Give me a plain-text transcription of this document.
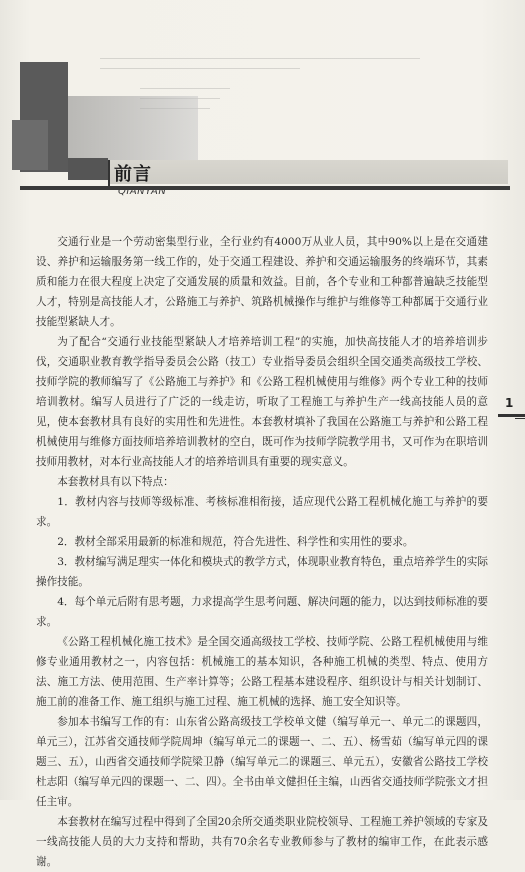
前言
QIANYAN

交通行业是一个劳动密集型行业，全行业约有4000万从业人员，其中90%以上是在交通建设、养护和运输服务第一线工作的，处于交通工程建设、养护和交通运输服务的终端环节，其素质和能力在很大程度上决定了交通发展的质量和效益。目前，各个专业和工种都普遍缺乏技能型人才，特别是高技能人才，公路施工与养护、筑路机械操作与维护与维修等工种都属于交通行业技能型紧缺人才。

为了配合“交通行业技能型紧缺人才培养培训工程”的实施，加快高技能人才的培养培训步伐，交通职业教育教学指导委员会公路（技工）专业指导委员会组织全国交通类高级技工学校、技师学院的教师编写了《公路施工与养护》和《公路工程机械使用与维修》两个专业工种的技师培训教材。编写人员进行了广泛的一线走访，听取了工程施工与养护生产一线高技能人员的意见，使本套教材具有良好的实用性和先进性。本套教材填补了我国在公路施工与养护和公路工程机械使用与维修方面技师培养培训教材的空白，既可作为技师学院教学用书，又可作为在职培训技师用教材，对本行业高技能人才的培养培训具有重要的现实意义。

本套教材具有以下特点：

1．教材内容与技师等级标准、考核标准相衔接，适应现代公路工程机械化施工与养护的要求。

2．教材全部采用最新的标准和规范，符合先进性、科学性和实用性的要求。

3．教材编写满足理实一体化和模块式的教学方式，体现职业教育特色，重点培养学生的实际操作技能。

4．每个单元后附有思考题，力求提高学生思考问题、解决问题的能力，以达到技师标准的要求。

《公路工程机械化施工技术》是全国交通高级技工学校、技师学院、公路工程机械使用与维修专业通用教材之一，内容包括：机械施工的基本知识，各种施工机械的类型、特点、使用方法、施工方法、使用范围、生产率计算等；公路工程基本建设程序、组织设计与相关计划制订、施工前的准备工作、施工组织与施工过程、施工机械的选择、施工安全知识等。

参加本书编写工作的有：山东省公路高级技工学校单文健（编写单元一、单元二的课题四，单元三），江苏省交通技师学院周坤（编写单元二的课题一、二、五）、杨雪茹（编写单元四的课题三、五），山西省交通技师学院梁卫静（编写单元二的课题三、单元五），安徽省公路技工学校杜志阳（编写单元四的课题一、二、四）。全书由单文健担任主编，山西省交通技师学院张文才担任主审。

本套教材在编写过程中得到了全国20余所交通类职业院校领导、工程施工养护领域的专家及一线高技能人员的大力支持和帮助，共有70余名专业教师参与了教材的编审工作，在此表示感谢。

1
